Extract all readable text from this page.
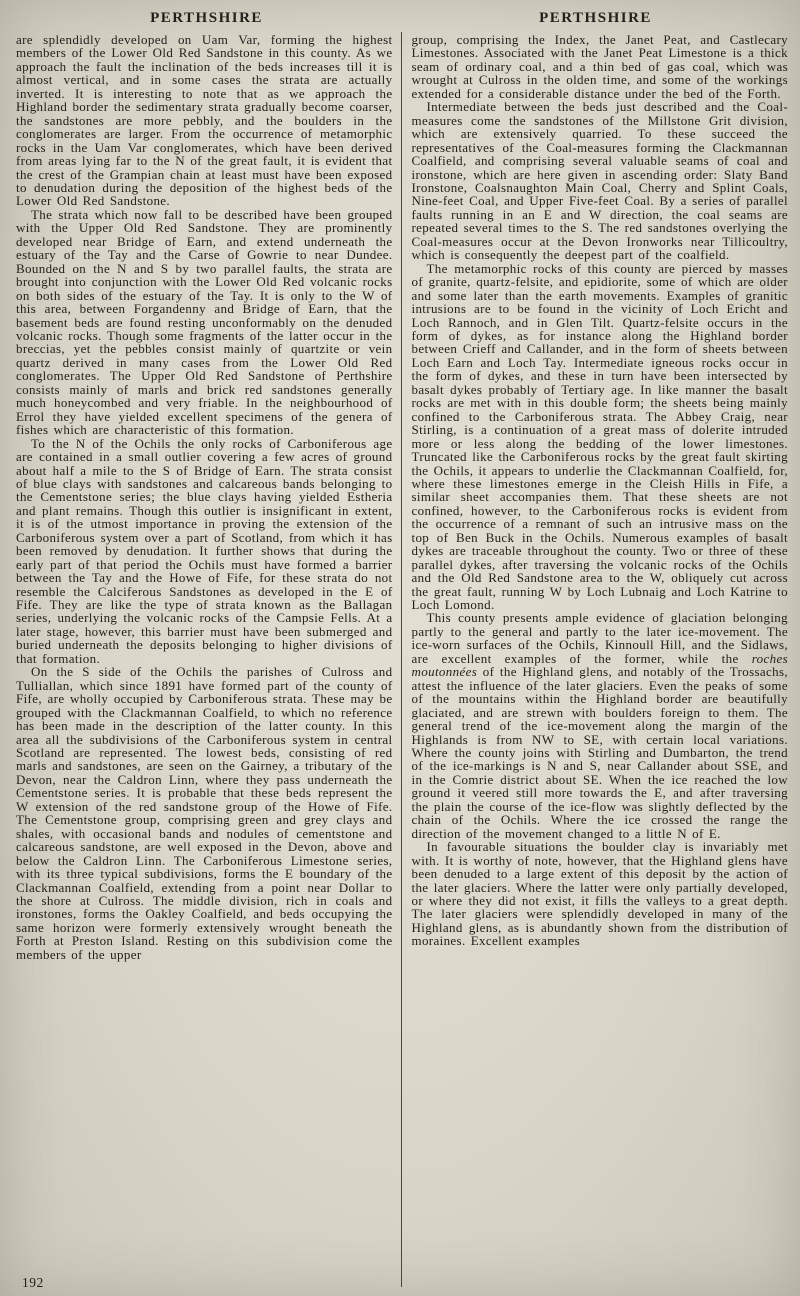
PERTHSHIRE	PERTHSHIRE

are splendidly developed on Uam Var, forming the highest members of the Lower Old Red Sandstone in this county. As we approach the fault the inclination of the beds increases till it is almost vertical, and in some cases the strata are actually inverted. It is interesting to note that as we approach the Highland border the sedimentary strata gradually become coarser, the sandstones are more pebbly, and the boulders in the conglomerates are larger. From the occurrence of metamorphic rocks in the Uam Var conglomerates, which have been derived from areas lying far to the N of the great fault, it is evident that the crest of the Grampian chain at least must have been exposed to denudation during the deposition of the highest beds of the Lower Old Red Sandstone.

The strata which now fall to be described have been grouped with the Upper Old Red Sandstone. They are prominently developed near Bridge of Earn, and extend underneath the estuary of the Tay and the Carse of Gowrie to near Dundee. Bounded on the N and S by two parallel faults, the strata are brought into conjunction with the Lower Old Red volcanic rocks on both sides of the estuary of the Tay. It is only to the W of this area, between Forgandenny and Bridge of Earn, that the basement beds are found resting unconformably on the denuded volcanic rocks. Though some fragments of the latter occur in the breccias, yet the pebbles consist mainly of quartzite or vein quartz derived in many cases from the Lower Old Red conglomerates. The Upper Old Red Sandstone of Perthshire consists mainly of marls and brick red sandstones generally much honeycombed and very friable. In the neighbourhood of Errol they have yielded excellent specimens of the genera of fishes which are characteristic of this formation.

To the N of the Ochils the only rocks of Carboniferous age are contained in a small outlier covering a few acres of ground about half a mile to the S of Bridge of Earn. The strata consist of blue clays with sandstones and calcareous bands belonging to the Cementstone series; the blue clays having yielded Estheria and plant remains. Though this outlier is insignificant in extent, it is of the utmost importance in proving the extension of the Carboniferous system over a part of Scotland, from which it has been removed by denudation. It further shows that during the early part of that period the Ochils must have formed a barrier between the Tay and the Howe of Fife, for these strata do not resemble the Calciferous Sandstones as developed in the E of Fife. They are like the type of strata known as the Ballagan series, underlying the volcanic rocks of the Campsie Fells. At a later stage, however, this barrier must have been submerged and buried underneath the deposits belonging to higher divisions of that formation.

On the S side of the Ochils the parishes of Culross and Tulliallan, which since 1891 have formed part of the county of Fife, are wholly occupied by Carboniferous strata. These may be grouped with the Clackmannan Coalfield, to which no reference has been made in the description of the latter county. In this area all the subdivisions of the Carboniferous system in central Scotland are represented. The lowest beds, consisting of red marls and sandstones, are seen on the Gairney, a tributary of the Devon, near the Caldron Linn, where they pass underneath the Cementstone series. It is probable that these beds represent the W extension of the red sandstone group of the Howe of Fife. The Cementstone group, comprising green and grey clays and shales, with occasional bands and nodules of cementstone and calcareous sandstone, are well exposed in the Devon, above and below the Caldron Linn. The Carboniferous Limestone series, with its three typical subdivisions, forms the E boundary of the Clackmannan Coalfield, extending from a point near Dollar to the shore at Culross. The middle division, rich in coals and ironstones, forms the Oakley Coalfield, and beds occupying the same horizon were formerly extensively wrought beneath the Forth at Preston Island. Resting on this subdivision come the members of the upper

group, comprising the Index, the Janet Peat, and Castlecary Limestones. Associated with the Janet Peat Limestone is a thick seam of ordinary coal, and a thin bed of gas coal, which was wrought at Culross in the olden time, and some of the workings extended for a considerable distance under the bed of the Forth.

Intermediate between the beds just described and the Coal-measures come the sandstones of the Millstone Grit division, which are extensively quarried. To these succeed the representatives of the Coal-measures forming the Clackmannan Coalfield, and comprising several valuable seams of coal and ironstone, which are here given in ascending order: Slaty Band Ironstone, Coalsnaughton Main Coal, Cherry and Splint Coals, Nine-feet Coal, and Upper Five-feet Coal. By a series of parallel faults running in an E and W direction, the coal seams are repeated several times to the S. The red sandstones overlying the Coal-measures occur at the Devon Ironworks near Tillicoultry, which is consequently the deepest part of the coalfield.

The metamorphic rocks of this county are pierced by masses of granite, quartz-felsite, and epidiorite, some of which are older and some later than the earth movements. Examples of granitic intrusions are to be found in the vicinity of Loch Ericht and Loch Rannoch, and in Glen Tilt. Quartz-felsite occurs in the form of dykes, as for instance along the Highland border between Crieff and Callander, and in the form of sheets between Loch Earn and Loch Tay. Intermediate igneous rocks occur in the form of dykes, and these in turn have been intersected by basalt dykes probably of Tertiary age. In like manner the basalt rocks are met with in this double form; the sheets being mainly confined to the Carboniferous strata. The Abbey Craig, near Stirling, is a continuation of a great mass of dolerite intruded more or less along the bedding of the lower limestones. Truncated like the Carboniferous rocks by the great fault skirting the Ochils, it appears to underlie the Clackmannan Coalfield, for, where these limestones emerge in the Cleish Hills in Fife, a similar sheet accompanies them. That these sheets are not confined, however, to the Carboniferous rocks is evident from the occurrence of a remnant of such an intrusive mass on the top of Ben Buck in the Ochils. Numerous examples of basalt dykes are traceable throughout the county. Two or three of these parallel dykes, after traversing the volcanic rocks of the Ochils and the Old Red Sandstone area to the W, obliquely cut across the great fault, running W by Loch Lubnaig and Loch Katrine to Loch Lomond.

This county presents ample evidence of glaciation belonging partly to the general and partly to the later ice-movement. The ice-worn surfaces of the Ochils, Kinnoull Hill, and the Sidlaws, are excellent examples of the former, while the roches moutonnées of the Highland glens, and notably of the Trossachs, attest the influence of the later glaciers. Even the peaks of some of the mountains within the Highland border are beautifully glaciated, and are strewn with boulders foreign to them. The general trend of the ice-movement along the margin of the Highlands is from NW to SE, with certain local variations. Where the county joins with Stirling and Dumbarton, the trend of the ice-markings is N and S, near Callander about SSE, and in the Comrie district about SE. When the ice reached the low ground it veered still more towards the E, and after traversing the plain the course of the ice-flow was slightly deflected by the chain of the Ochils. Where the ice crossed the range the direction of the movement changed to a little N of E.

In favourable situations the boulder clay is invariably met with. It is worthy of note, however, that the Highland glens have been denuded to a large extent of this deposit by the action of the later glaciers. Where the latter were only partially developed, or where they did not exist, it fills the valleys to a great depth. The later glaciers were splendidly developed in many of the Highland glens, as is abundantly shown from the distribution of moraines. Excellent examples

192
